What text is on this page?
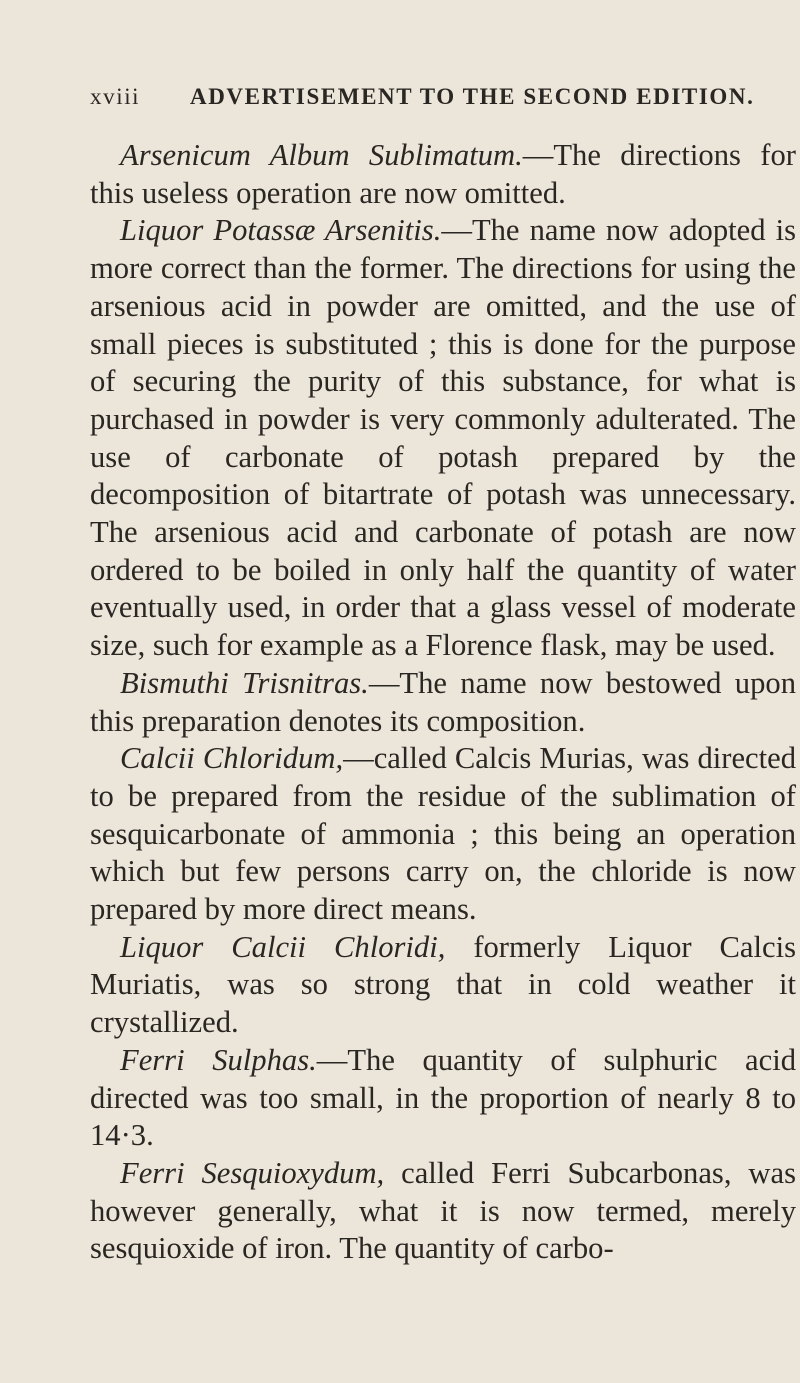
xviii ADVERTISEMENT TO THE SECOND EDITION.

Arsenicum Album Sublimatum.—The directions for this useless operation are now omitted.

Liquor Potassæ Arsenitis.—The name now adopted is more correct than the former. The directions for using the arsenious acid in powder are omitted, and the use of small pieces is substituted ; this is done for the purpose of securing the purity of this substance, for what is purchased in powder is very commonly adulterated. The use of carbonate of potash prepared by the decomposition of bitartrate of potash was unnecessary. The arsenious acid and carbonate of potash are now ordered to be boiled in only half the quantity of water eventually used, in order that a glass vessel of moderate size, such for example as a Florence flask, may be used.

Bismuthi Trisnitras.—The name now bestowed upon this preparation denotes its composition.

Calcii Chloridum,—called Calcis Murias, was directed to be prepared from the residue of the sublimation of sesquicarbonate of ammonia ; this being an operation which but few persons carry on, the chloride is now prepared by more direct means.

Liquor Calcii Chloridi, formerly Liquor Calcis Muriatis, was so strong that in cold weather it crystallized.

Ferri Sulphas.—The quantity of sulphuric acid directed was too small, in the proportion of nearly 8 to 14·3.

Ferri Sesquioxydum, called Ferri Subcarbonas, was however generally, what it is now termed, merely sesquioxide of iron. The quantity of carbo-
